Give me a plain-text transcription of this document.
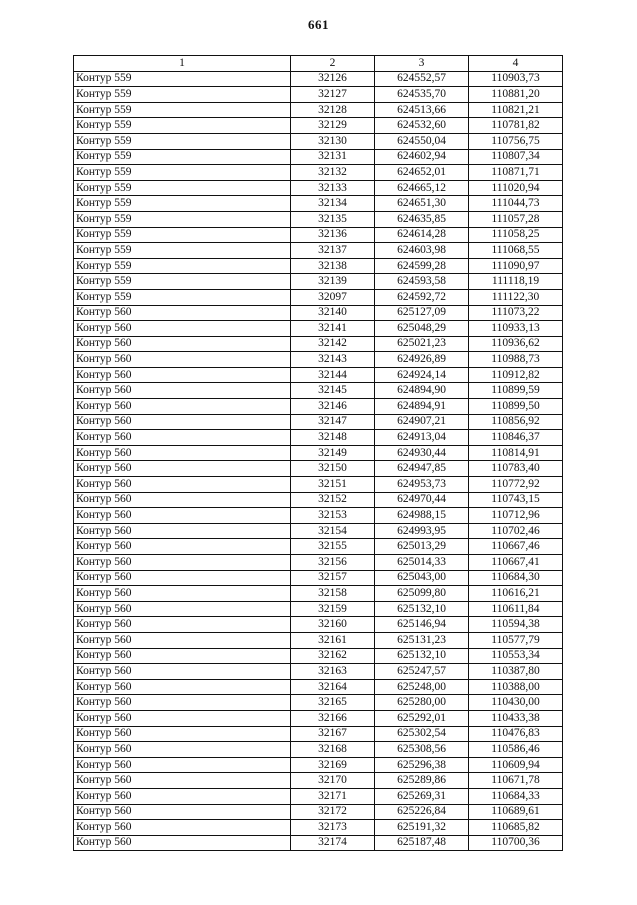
661
1	2	3	4
Контур 559	32126	624552,57	110903,73
Контур 559	32127	624535,70	110881,20
Контур 559	32128	624513,66	110821,21
Контур 559	32129	624532,60	110781,82
Контур 559	32130	624550,04	110756,75
Контур 559	32131	624602,94	110807,34
Контур 559	32132	624652,01	110871,71
Контур 559	32133	624665,12	111020,94
Контур 559	32134	624651,30	111044,73
Контур 559	32135	624635,85	111057,28
Контур 559	32136	624614,28	111058,25
Контур 559	32137	624603,98	111068,55
Контур 559	32138	624599,28	111090,97
Контур 559	32139	624593,58	111118,19
Контур 559	32097	624592,72	111122,30
Контур 560	32140	625127,09	111073,22
Контур 560	32141	625048,29	110933,13
Контур 560	32142	625021,23	110936,62
Контур 560	32143	624926,89	110988,73
Контур 560	32144	624924,14	110912,82
Контур 560	32145	624894,90	110899,59
Контур 560	32146	624894,91	110899,50
Контур 560	32147	624907,21	110856,92
Контур 560	32148	624913,04	110846,37
Контур 560	32149	624930,44	110814,91
Контур 560	32150	624947,85	110783,40
Контур 560	32151	624953,73	110772,92
Контур 560	32152	624970,44	110743,15
Контур 560	32153	624988,15	110712,96
Контур 560	32154	624993,95	110702,46
Контур 560	32155	625013,29	110667,46
Контур 560	32156	625014,33	110667,41
Контур 560	32157	625043,00	110684,30
Контур 560	32158	625099,80	110616,21
Контур 560	32159	625132,10	110611,84
Контур 560	32160	625146,94	110594,38
Контур 560	32161	625131,23	110577,79
Контур 560	32162	625132,10	110553,34
Контур 560	32163	625247,57	110387,80
Контур 560	32164	625248,00	110388,00
Контур 560	32165	625280,00	110430,00
Контур 560	32166	625292,01	110433,38
Контур 560	32167	625302,54	110476,83
Контур 560	32168	625308,56	110586,46
Контур 560	32169	625296,38	110609,94
Контур 560	32170	625289,86	110671,78
Контур 560	32171	625269,31	110684,33
Контур 560	32172	625226,84	110689,61
Контур 560	32173	625191,32	110685,82
Контур 560	32174	625187,48	110700,36
